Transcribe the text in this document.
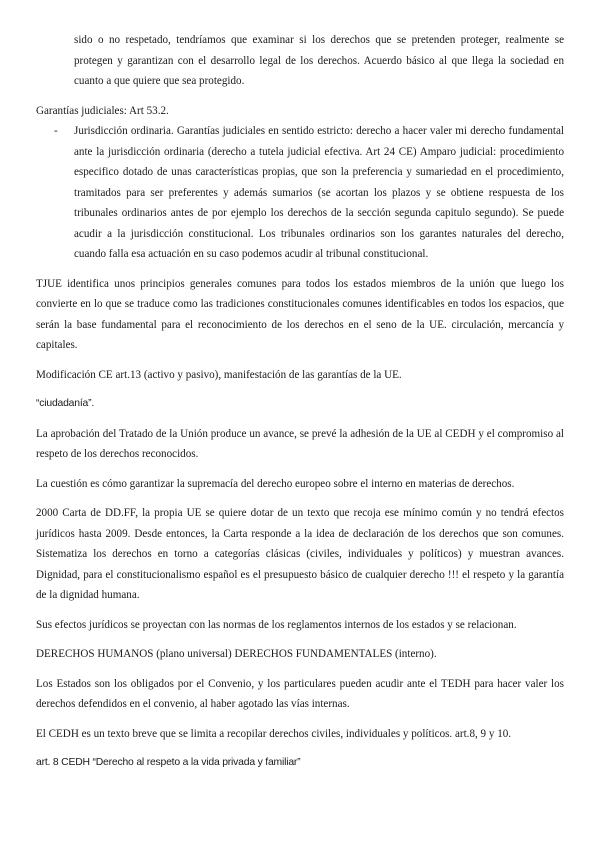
sido o no respetado, tendríamos que examinar si los derechos que se pretenden proteger, realmente se protegen y garantizan con el desarrollo legal de los derechos. Acuerdo básico al que llega la sociedad en cuanto a que quiere que sea protegido.

Garantías judiciales: Art 53.2.

- Jurisdicción ordinaria. Garantías judiciales en sentido estricto: derecho a hacer valer mi derecho fundamental ante la jurisdicción ordinaria (derecho a tutela judicial efectiva. Art 24 CE) Amparo judicial: procedimiento especifico dotado de unas características propias, que son la preferencia y sumariedad en el procedimiento, tramitados para ser preferentes y además sumarios (se acortan los plazos y se obtiene respuesta de los tribunales ordinarios antes de por ejemplo los derechos de la sección segunda capitulo segundo). Se puede acudir a la jurisdicción constitucional. Los tribunales ordinarios son los garantes naturales del derecho, cuando falla esa actuación en su caso podemos acudir al tribunal constitucional.

TJUE identifica unos principios generales comunes para todos los estados miembros de la unión que luego los convierte en lo que se traduce como las tradiciones constitucionales comunes identificables en todos los espacios, que serán la base fundamental para el reconocimiento de los derechos en el seno de la UE. circulación, mercancía y capitales.

Modificación CE art.13 (activo y pasivo), manifestación de las garantías de la UE.

“ciudadanía”.

La aprobación del Tratado de la Unión produce un avance, se prevé la adhesión de la UE al CEDH y el compromiso al respeto de los derechos reconocidos.

La cuestión es cómo garantizar la supremacía del derecho europeo sobre el interno en materias de derechos.

2000 Carta de DD.FF, la propia UE se quiere dotar de un texto que recoja ese mínimo común y no tendrá efectos jurídicos hasta 2009. Desde entonces, la Carta responde a la idea de declaración de los derechos que son comunes. Sistematiza los derechos en torno a categorías clásicas (civiles, individuales y políticos) y muestran avances. Dignidad, para el constitucionalismo español es el presupuesto básico de cualquier derecho !!! el respeto y la garantía de la dignidad humana.

Sus efectos jurídicos se proyectan con las normas de los reglamentos internos de los estados y se relacionan.

DERECHOS HUMANOS (plano universal) DERECHOS FUNDAMENTALES (interno).

Los Estados son los obligados por el Convenio, y los particulares pueden acudir ante el TEDH para hacer valer los derechos defendidos en el convenio, al haber agotado las vías internas.

El CEDH es un texto breve que se limita a recopilar derechos civiles, individuales y políticos. art.8, 9 y 10.

art. 8 CEDH “Derecho al respeto a la vida privada y familiar”
